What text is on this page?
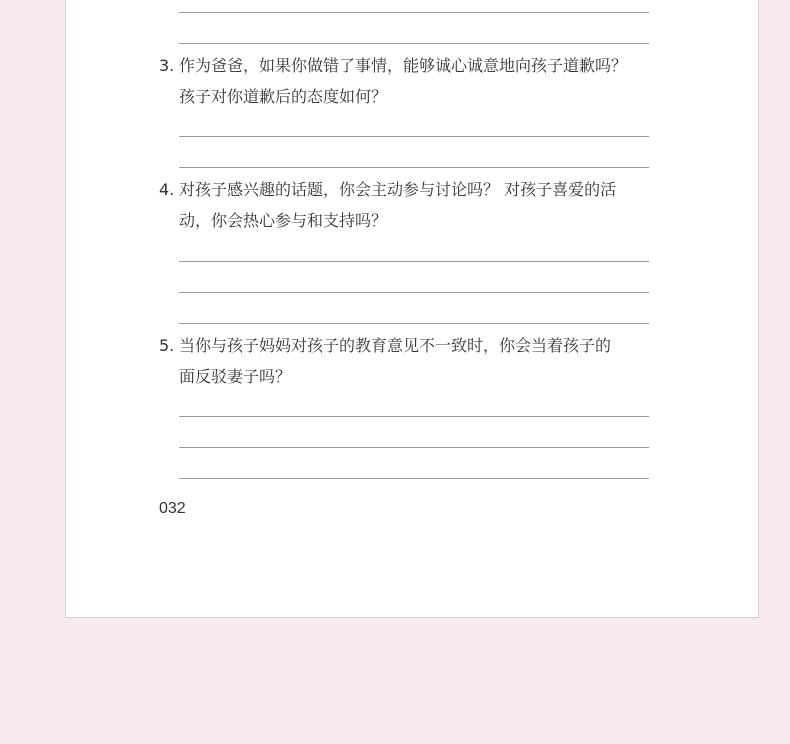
3. 作为爸爸，如果你做错了事情，能够诚心诚意地向孩子道歉吗？
孩子对你道歉后的态度如何？
4. 对孩子感兴趣的话题，你会主动参与讨论吗？ 对孩子喜爱的活
动，你会热心参与和支持吗？
5. 当你与孩子妈妈对孩子的教育意见不一致时，你会当着孩子的
面反驳妻子吗？
032
